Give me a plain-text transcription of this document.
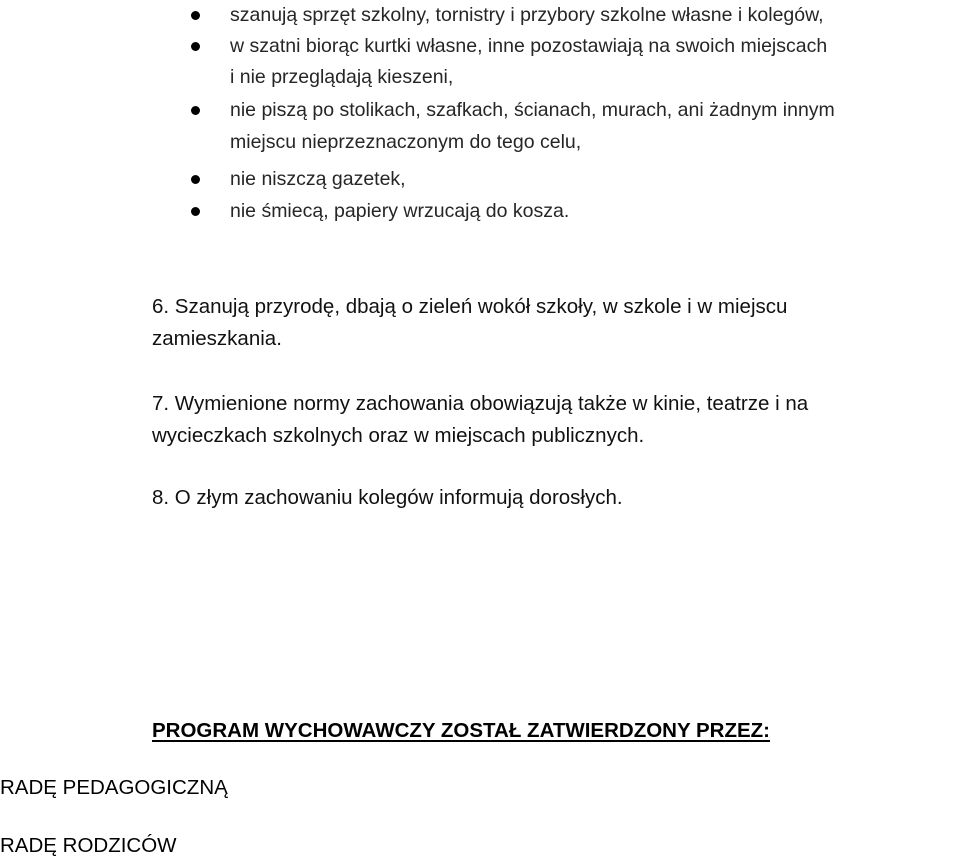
szanują sprzęt szkolny, tornistry i przybory szkolne własne i kolegów,
w szatni biorąc kurtki własne, inne pozostawiają na swoich miejscach
i nie przeglądają kieszeni,
nie piszą po stolikach, szafkach, ścianach, murach, ani żadnym innym
miejscu nieprzeznaczonym do tego celu,
nie niszczą gazetek,
nie śmiecą, papiery wrzucają do kosza.
6. Szanują przyrodę, dbają o zieleń wokół szkoły, w szkole i w miejscu
zamieszkania.
7. Wymienione normy zachowania obowiązują także w kinie, teatrze i na
wycieczkach szkolnych oraz w miejscach publicznych.
8. O złym zachowaniu kolegów informują dorosłych.
PROGRAM WYCHOWAWCZY ZOSTAŁ ZATWIERDZONY PRZEZ:
RADĘ PEDAGOGICZNĄ
RADĘ RODZICÓW
